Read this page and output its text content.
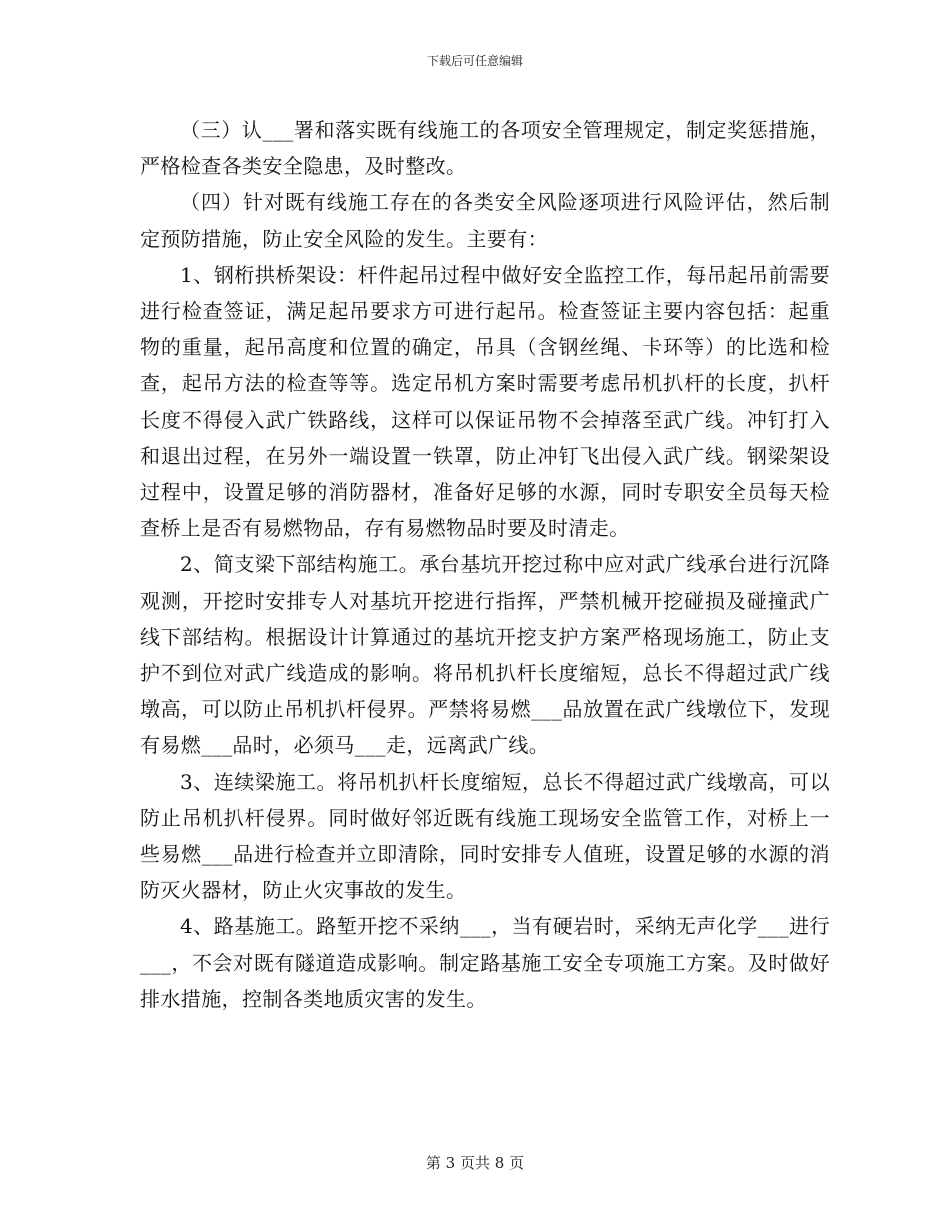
下载后可任意编辑

（三）认___署和落实既有线施工的各项安全管理规定，制定奖惩措施，严格检查各类安全隐患，及时整改。

（四）针对既有线施工存在的各类安全风险逐项进行风险评估，然后制定预防措施，防止安全风险的发生。主要有：

1、钢桁拱桥架设：杆件起吊过程中做好安全监控工作，每吊起吊前需要进行检查签证，满足起吊要求方可进行起吊。检查签证主要内容包括：起重物的重量，起吊高度和位置的确定，吊具（含钢丝绳、卡环等）的比选和检查，起吊方法的检查等等。选定吊机方案时需要考虑吊机扒杆的长度，扒杆长度不得侵入武广铁路线，这样可以保证吊物不会掉落至武广线。冲钉打入和退出过程，在另外一端设置一铁罩，防止冲钉飞出侵入武广线。钢梁架设过程中，设置足够的消防器材，准备好足够的水源，同时专职安全员每天检查桥上是否有易燃物品，存有易燃物品时要及时清走。

2、简支梁下部结构施工。承台基坑开挖过称中应对武广线承台进行沉降观测，开挖时安排专人对基坑开挖进行指挥，严禁机械开挖碰损及碰撞武广线下部结构。根据设计计算通过的基坑开挖支护方案严格现场施工，防止支护不到位对武广线造成的影响。将吊机扒杆长度缩短，总长不得超过武广线墩高，可以防止吊机扒杆侵界。严禁将易燃___品放置在武广线墩位下，发现有易燃___品时，必须马___走，远离武广线。

3、连续梁施工。将吊机扒杆长度缩短，总长不得超过武广线墩高，可以防止吊机扒杆侵界。同时做好邻近既有线施工现场安全监管工作，对桥上一些易燃___品进行检查并立即清除，同时安排专人值班，设置足够的水源的消防灭火器材，防止火灾事故的发生。

4、路基施工。路堑开挖不采纳___，当有硬岩时，采纳无声化学___进行___，不会对既有隧道造成影响。制定路基施工安全专项施工方案。及时做好排水措施，控制各类地质灾害的发生。

第 3 页共 8 页
